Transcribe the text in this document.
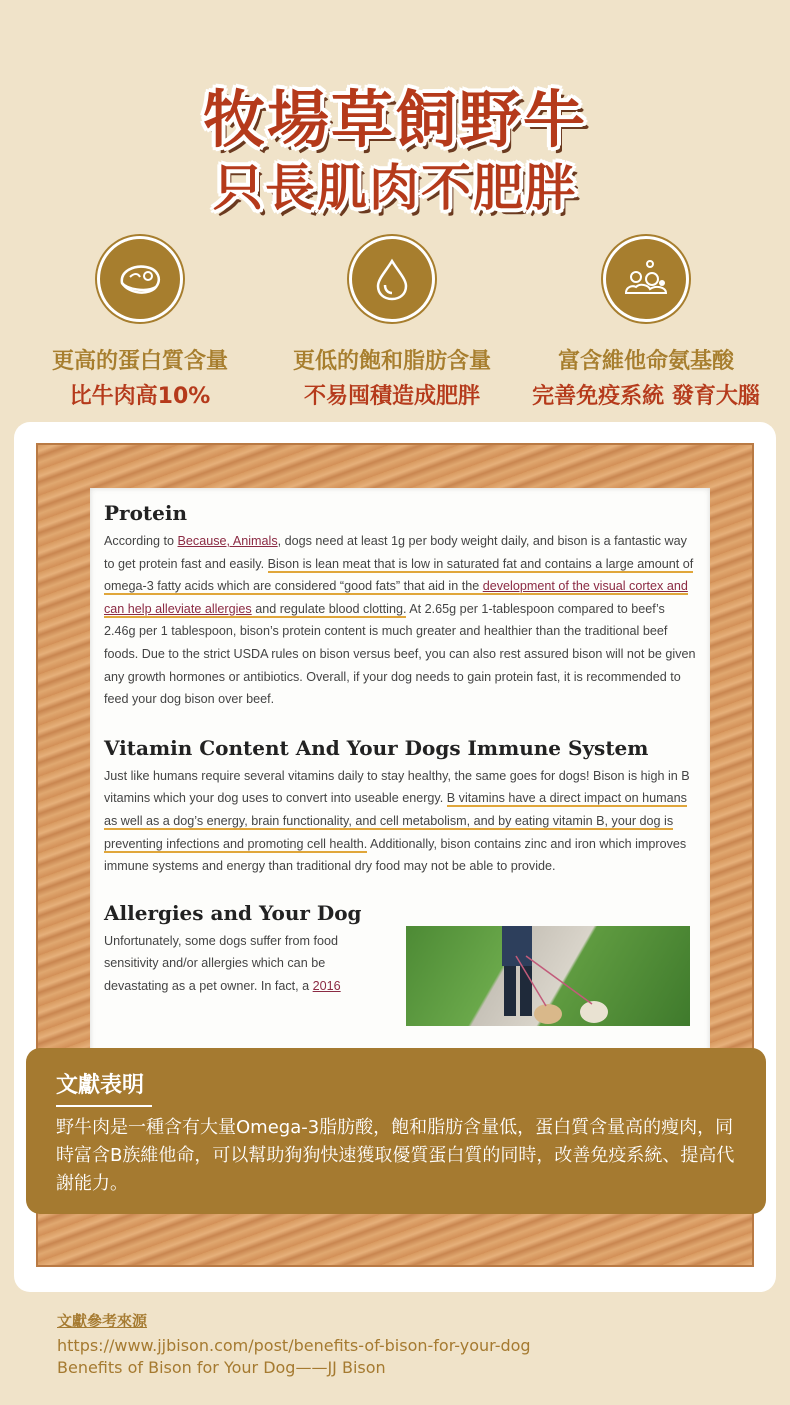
牧場草飼野牛
只長肌肉不肥胖
更高的蛋白質含量
比牛肉高10%
更低的飽和脂肪含量
不易囤積造成肥胖
富含維他命氨基酸
完善免疫系統 發育大腦

Protein

According to Because, Animals, dogs need at least 1g per body weight daily, and bison is a fantastic way to get protein fast and easily. Bison is lean meat that is low in saturated fat and contains a large amount of omega-3 fatty acids which are considered “good fats” that aid in the development of the visual cortex and can help alleviate allergies and regulate blood clotting. At 2.65g per 1-tablespoon compared to beef’s 2.46g per 1 tablespoon, bison’s protein content is much greater and healthier than the traditional beef foods. Due to the strict USDA rules on bison versus beef, you can also rest assured bison will not be given any growth hormones or antibiotics. Overall, if your dog needs to gain protein fast, it is recommended to feed your dog bison over beef.

Vitamin Content And Your Dogs Immune System

Just like humans require several vitamins daily to stay healthy, the same goes for dogs! Bison is high in B vitamins which your dog uses to convert into useable energy. B vitamins have a direct impact on humans as well as a dog’s energy, brain functionality, and cell metabolism, and by eating vitamin B, your dog is preventing infections and promoting cell health. Additionally, bison contains zinc and iron which improves immune systems and energy than traditional dry food may not be able to provide.

Allergies and Your Dog

Unfortunately, some dogs suffer from food sensitivity and/or allergies which can be devastating as a pet owner. In fact, a 2016

文獻表明
野牛肉是一種含有大量Omega-3脂肪酸，飽和脂肪含量低，蛋白質含量高的瘦肉，同時富含B族維他命，可以幫助狗狗快速獲取優質蛋白質的同時，改善免疫系統、提高代謝能力。
文獻參考來源
https://www.jjbison.com/post/benefits-of-bison-for-your-dog
Benefits of Bison for Your Dog——JJ Bison
